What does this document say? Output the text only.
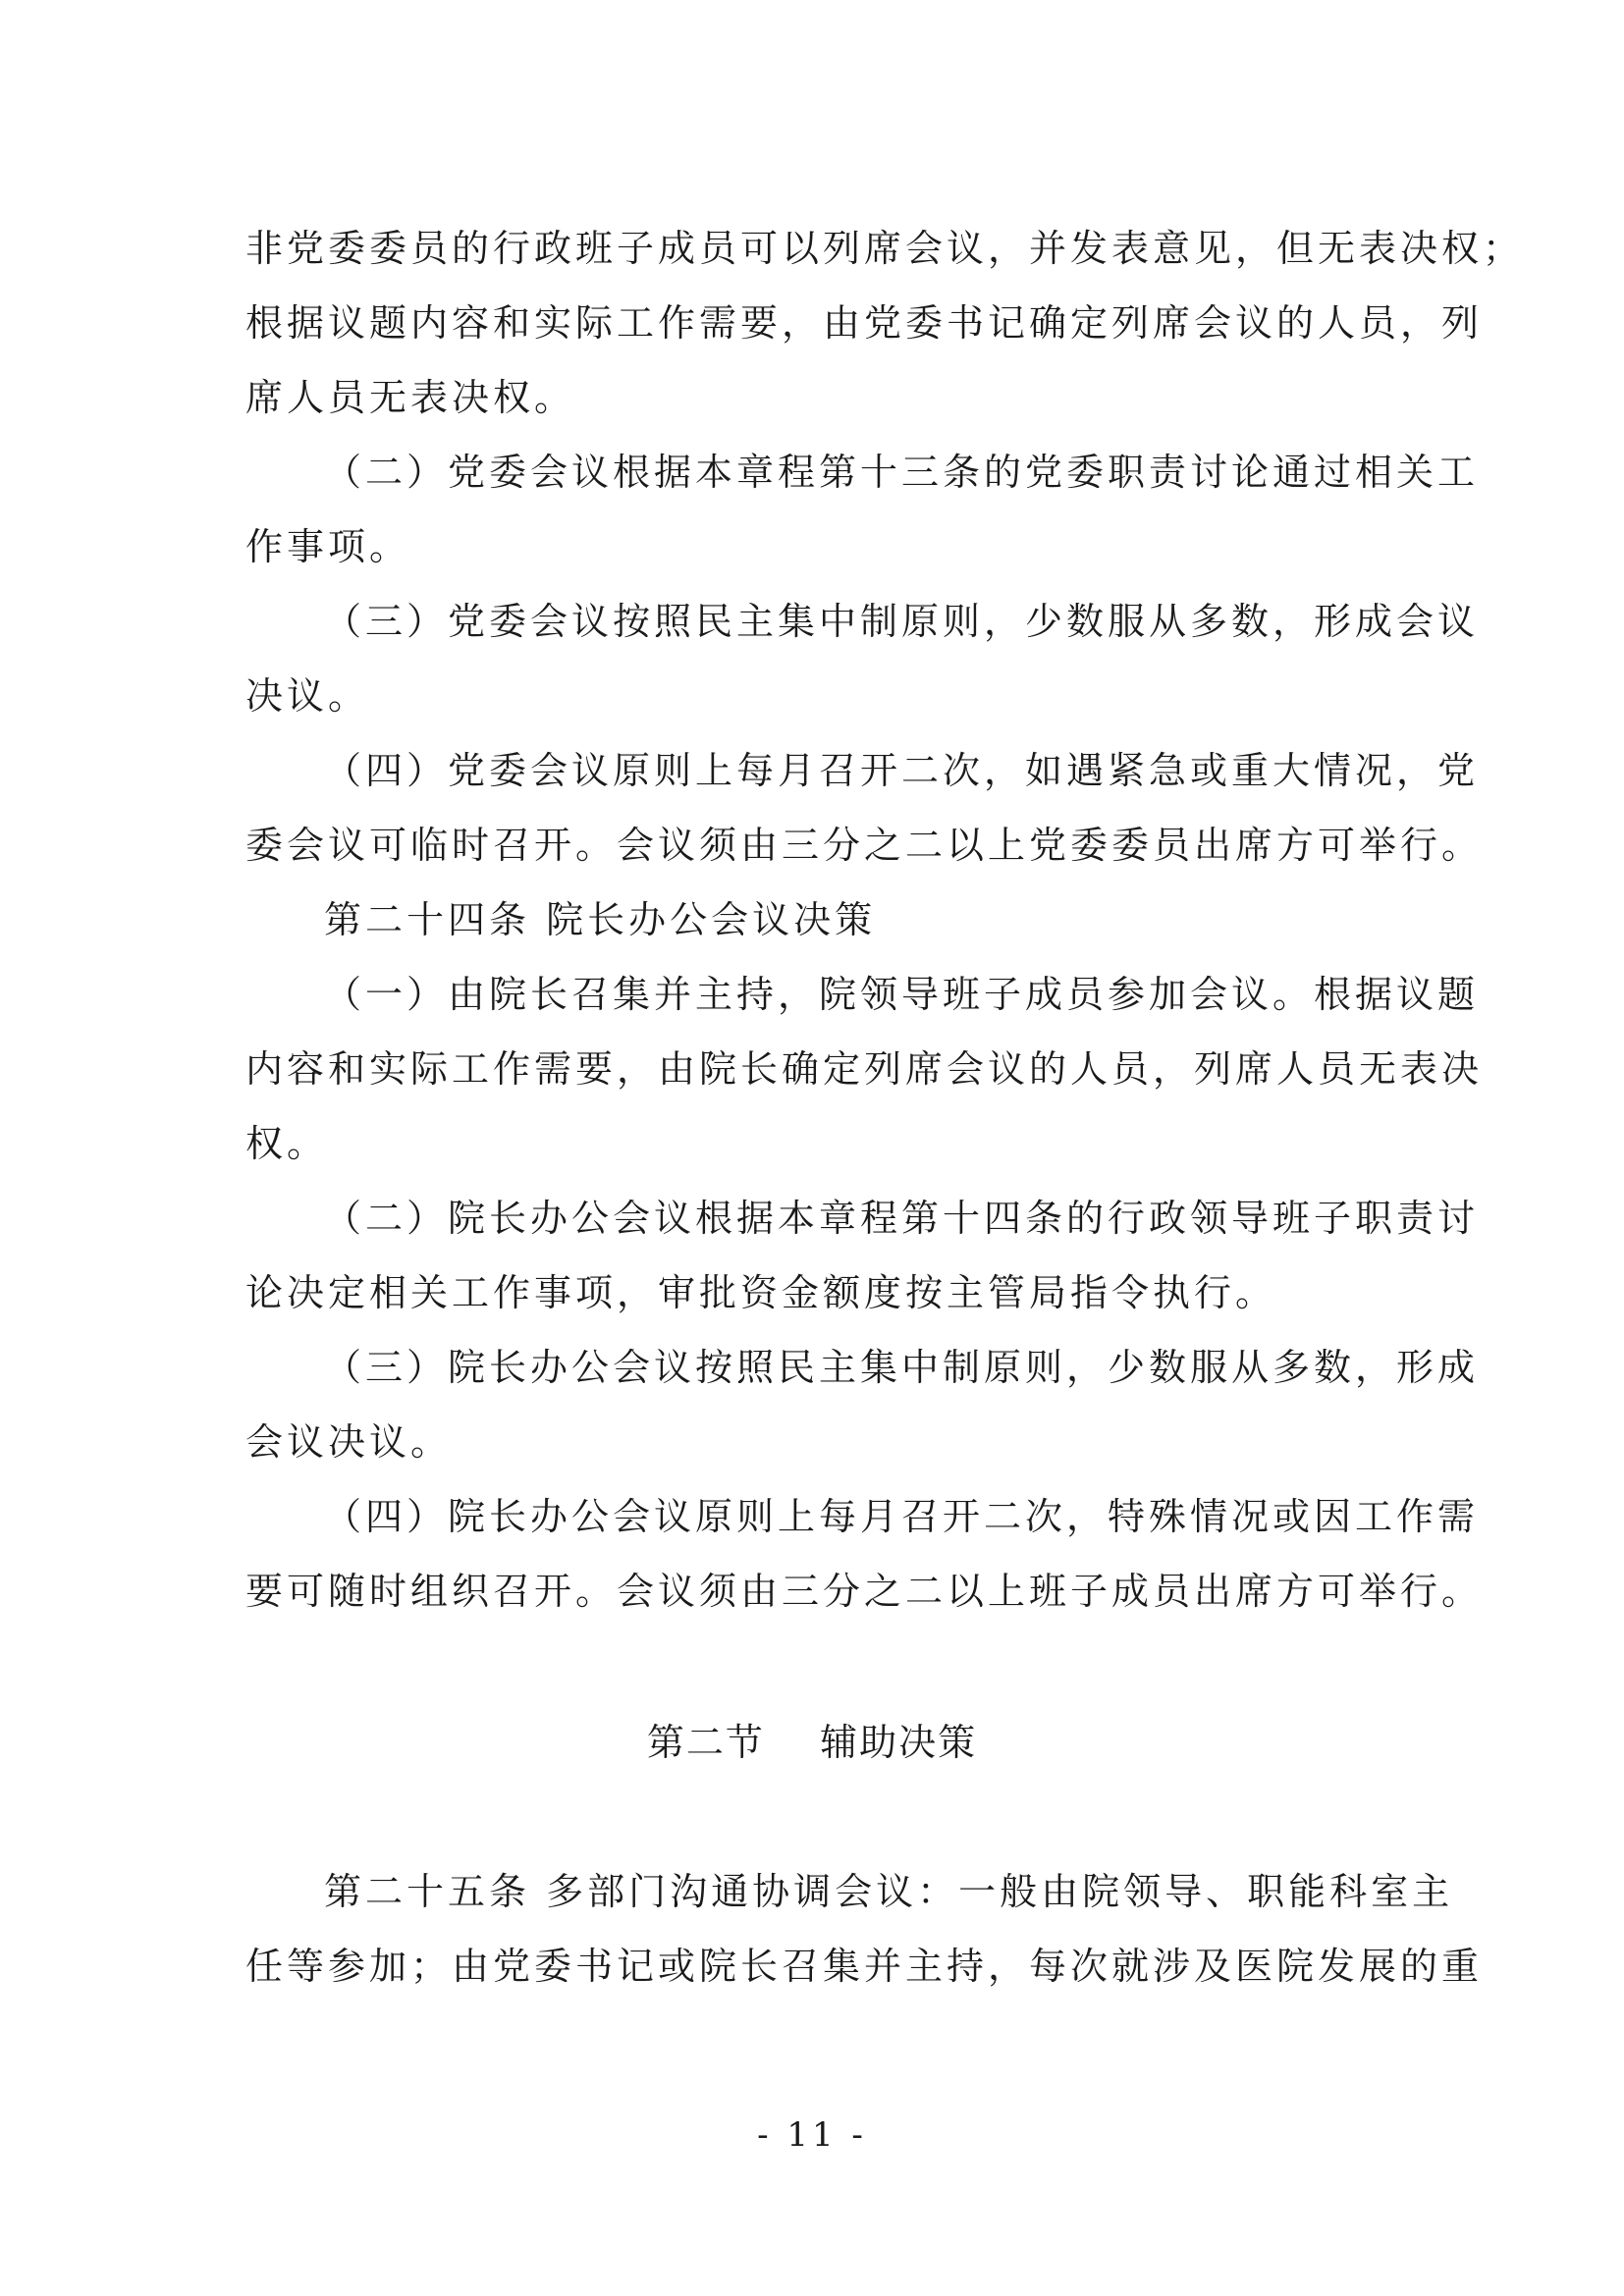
非党委委员的行政班子成员可以列席会议，并发表意见，但无表决权；
根据议题内容和实际工作需要，由党委书记确定列席会议的人员，列
席人员无表决权。
（二）党委会议根据本章程第十三条的党委职责讨论通过相关工
作事项。
（三）党委会议按照民主集中制原则，少数服从多数，形成会议
决议。
（四）党委会议原则上每月召开二次，如遇紧急或重大情况，党
委会议可临时召开。会议须由三分之二以上党委委员出席方可举行。
第二十四条 院长办公会议决策
（一）由院长召集并主持，院领导班子成员参加会议。根据议题
内容和实际工作需要，由院长确定列席会议的人员，列席人员无表决
权。
（二）院长办公会议根据本章程第十四条的行政领导班子职责讨
论决定相关工作事项，审批资金额度按主管局指令执行。
（三）院长办公会议按照民主集中制原则，少数服从多数，形成
会议决议。
（四）院长办公会议原则上每月召开二次，特殊情况或因工作需
要可随时组织召开。会议须由三分之二以上班子成员出席方可举行。
第二节    辅助决策
第二十五条 多部门沟通协调会议：一般由院领导、职能科室主
任等参加；由党委书记或院长召集并主持，每次就涉及医院发展的重
- 11 -
